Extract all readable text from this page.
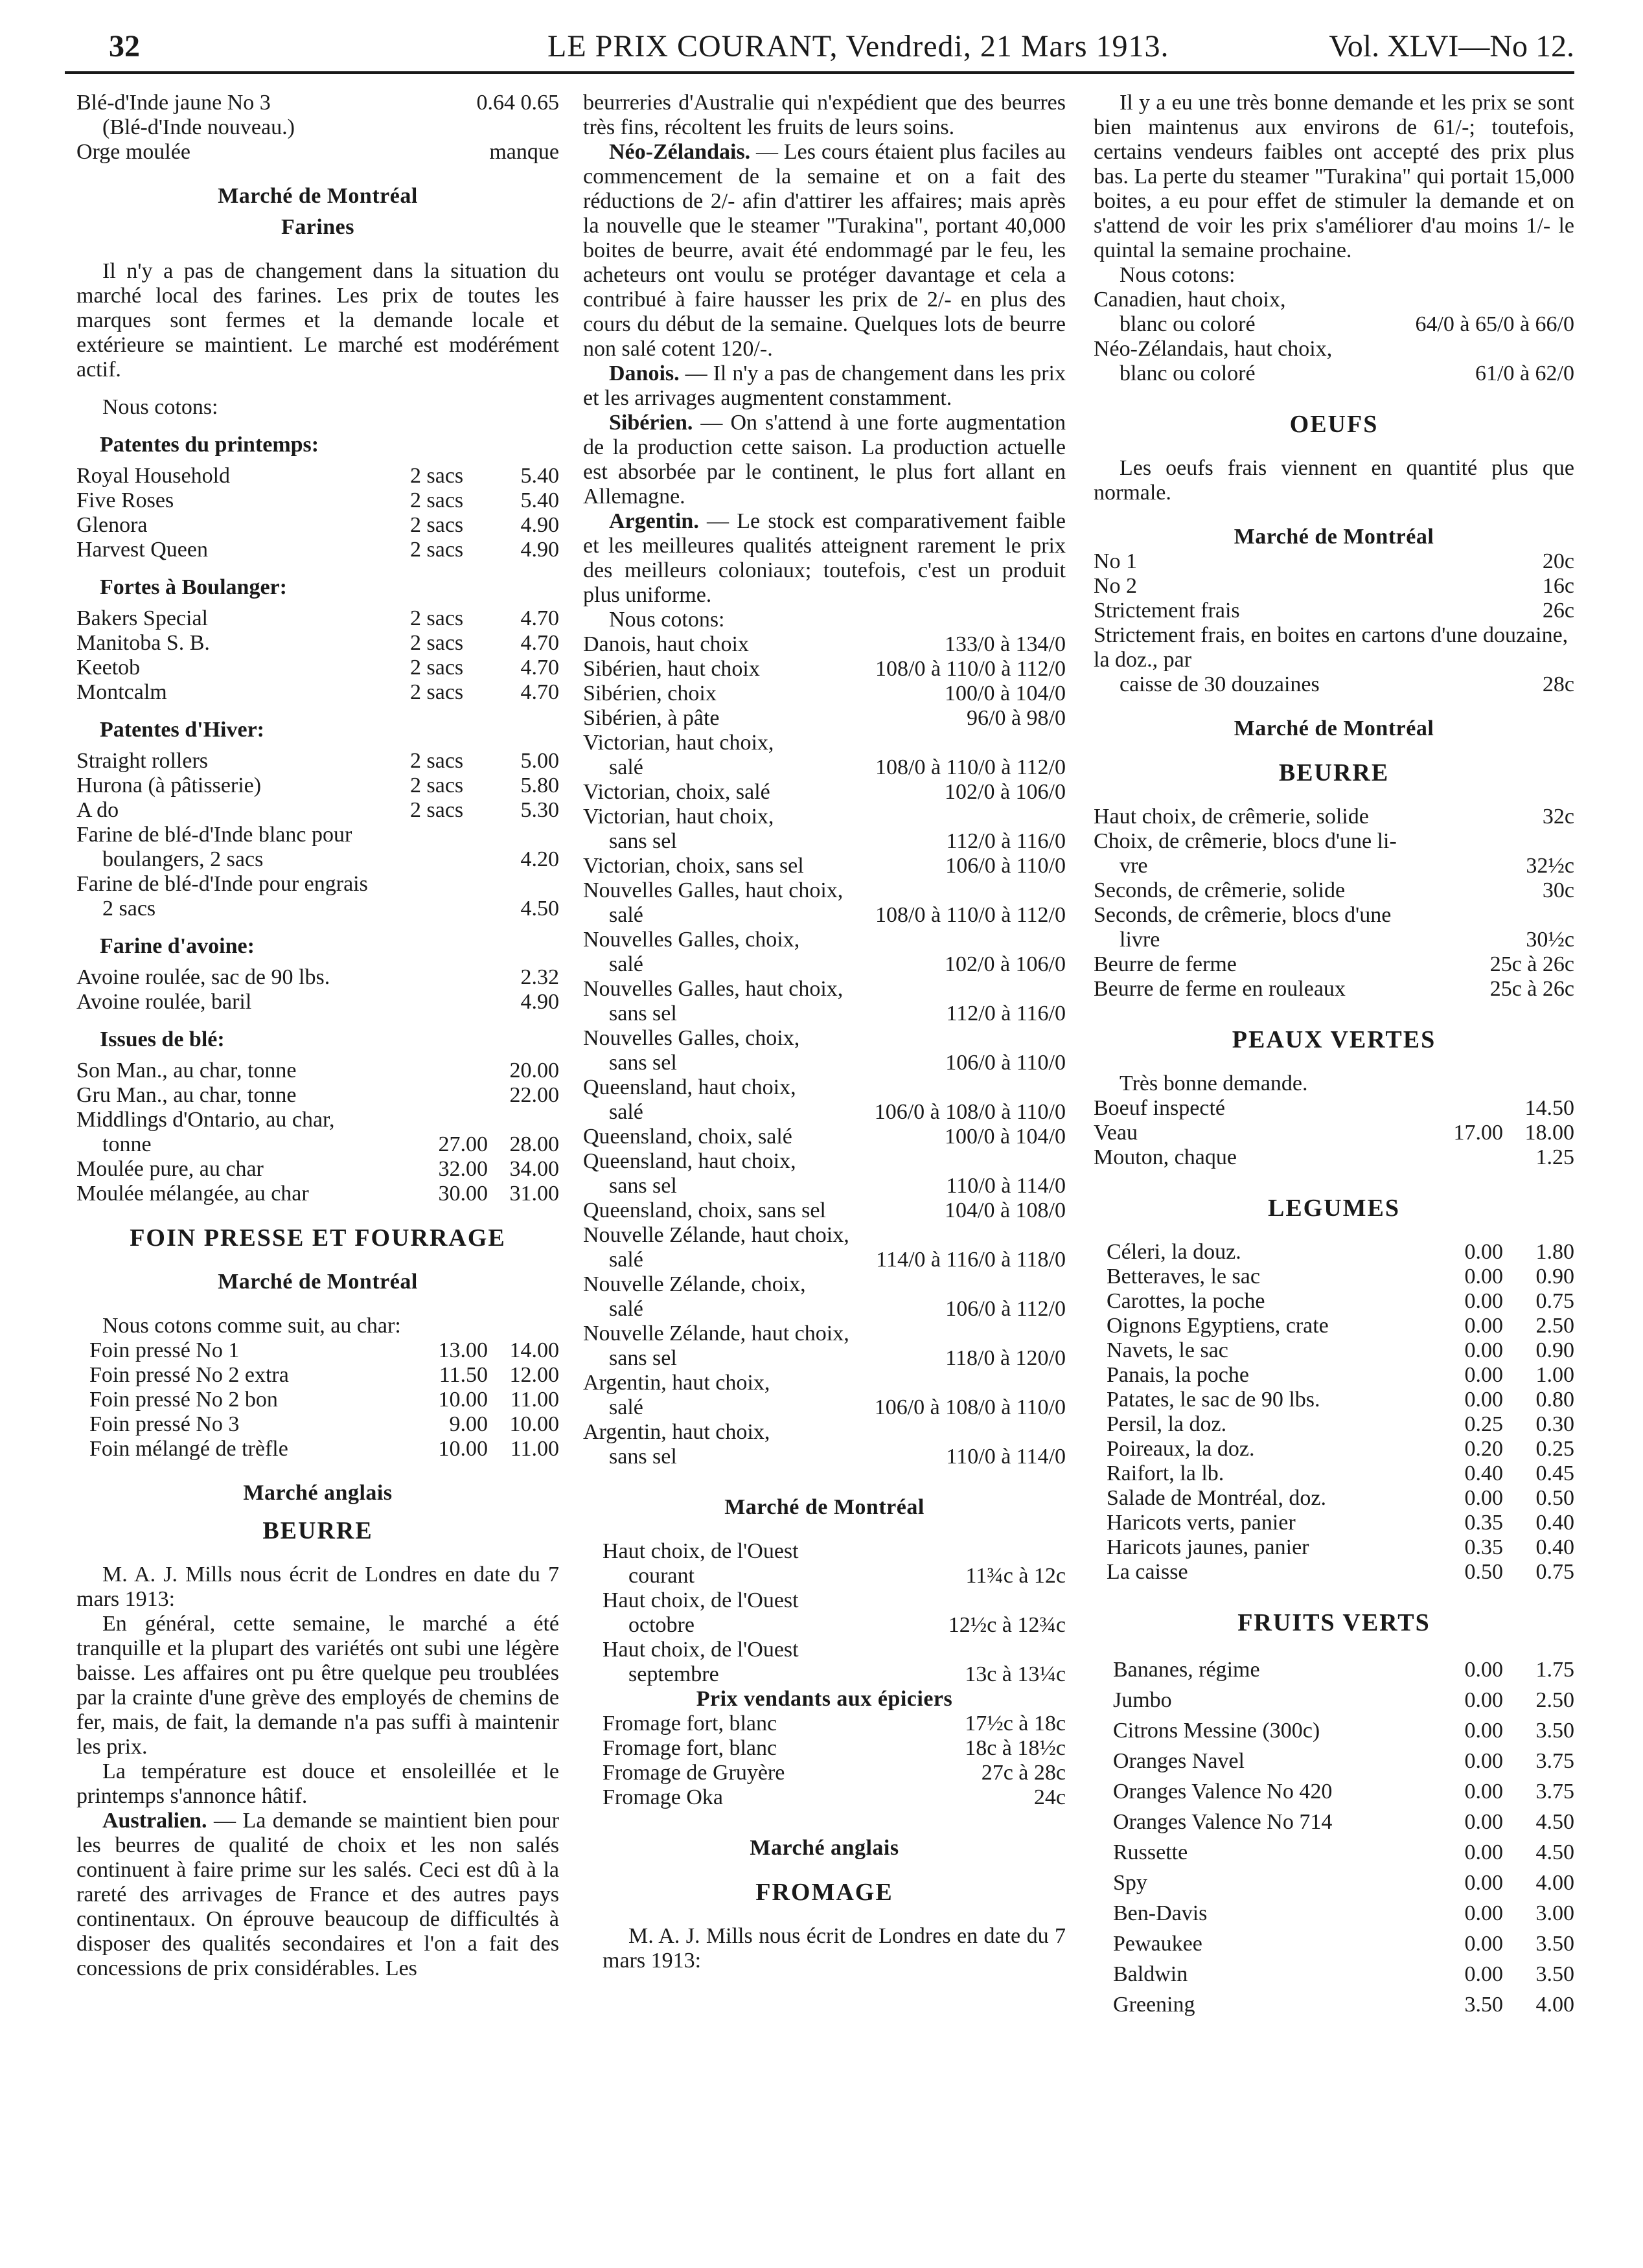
32	LE PRIX COURANT, Vendredi, 21 Mars 1913.	Vol. XLVI—No 12.
Blé-d'Inde jaune No 3	0.64 0.65
(Blé-d'Inde nouveau.)
Orge moulée	manque

Marché de Montréal

Farines

Il n'y a pas de changement dans la situation du marché local des farines. Les prix de toutes les marques sont fermes et la demande locale et extérieure se maintient. Le marché est modérément actif.

Nous cotons:

Patentes du printemps:

Royal Household	2 sacs	5.40
Five Roses	2 sacs	5.40
Glenora	2 sacs	4.90
Harvest Queen	2 sacs	4.90

Fortes à Boulanger:

Bakers Special	2 sacs	4.70
Manitoba S. B.	2 sacs	4.70
Keetob	2 sacs	4.70
Montcalm	2 sacs	4.70

Patentes d'Hiver:

Straight rollers	2 sacs	5.00
Hurona (à pâtisserie)	2 sacs	5.80
A do	2 sacs	5.30
Farine de blé-d'Inde blanc pour
boulangers, 2 sacs	4.20
Farine de blé-d'Inde pour engrais
2 sacs	4.50

Farine d'avoine:

Avoine roulée, sac de 90 lbs.	2.32
Avoine roulée, baril	4.90

Issues de blé:

Son Man., au char, tonne	20.00
Gru Man., au char, tonne	22.00
Middlings d'Ontario, au char,
tonne	27.00 28.00
Moulée pure, au char	32.00 34.00
Moulée mélangée, au char	30.00 31.00

FOIN PRESSE ET FOURRAGE

Marché de Montréal

Nous cotons comme suit, au char:

Foin pressé No 1	13.00 14.00
Foin pressé No 2 extra	11.50 12.00
Foin pressé No 2 bon	10.00	11.00
Foin pressé No 3	9.00 10.00
Foin mélangé de trèfle	10.00	11.00

Marché anglais

BEURRE

M. A. J. Mills nous écrit de Londres en date du 7 mars 1913:

En général, cette semaine, le marché a été tranquille et la plupart des variétés ont subi une légère baisse. Les affaires ont pu être quelque peu troublées par la crainte d'une grève des employés de chemins de fer, mais, de fait, la demande n'a pas suffi à maintenir les prix.

La température est douce et ensoleillée et le printemps s'annonce hâtif.

Australien. — La demande se maintient bien pour les beurres de qualité de choix et les non salés continuent à faire prime sur les salés. Ceci est dû à la rareté des arrivages de France et des autres pays continentaux. On éprouve beaucoup de difficultés à disposer des qualités secondaires et l'on a fait des concessions de prix considérables. Les

beurreries d'Australie qui n'expédient que des beurres très fins, récoltent les fruits de leurs soins.

Néo-Zélandais. — Les cours étaient plus faciles au commencement de la semaine et on a fait des réductions de 2/- afin d'attirer les affaires; mais après la nouvelle que le steamer "Turakina", portant 40,000 boites de beurre, avait été endommagé par le feu, les acheteurs ont voulu se protéger davantage et cela a contribué à faire hausser les prix de 2/- en plus des cours du début de la semaine. Quelques lots de beurre non salé cotent 120/-.

Danois. — Il n'y a pas de changement dans les prix et les arrivages augmentent constamment.

Sibérien. — On s'attend à une forte augmentation de la production cette saison. La production actuelle est absorbée par le continent, le plus fort allant en Allemagne.

Argentin. — Le stock est comparativement faible et les meilleures qualités atteignent rarement le prix des meilleurs coloniaux; toutefois, c'est un produit plus uniforme.

Nous cotons:

Danois, haut choix	133/0 à 134/0
Sibérien, haut choix	108/0 à 110/0 à 112/0
Sibérien, choix	100/0 à 104/0
Sibérien, à pâte	96/0 à 98/0
Victorian, haut choix,
salé	108/0 à 110/0 à 112/0
Victorian, choix, salé	102/0 à 106/0
Victorian, haut choix,
sans sel	112/0 à 116/0
Victorian, choix, sans sel	106/0 à 110/0
Nouvelles Galles, haut choix,
salé	108/0 à 110/0 à 112/0
Nouvelles Galles, choix,
salé	102/0 à 106/0
Nouvelles Galles, haut choix,
sans sel	112/0 à 116/0
Nouvelles Galles, choix,
sans sel	106/0 à 110/0
Queensland, haut choix,
salé	106/0 à 108/0 à 110/0
Queensland, choix, salé	100/0 à 104/0
Queensland, haut choix,
sans sel	110/0 à 114/0
Queensland, choix, sans sel	104/0 à 108/0
Nouvelle Zélande, haut choix,
salé	114/0 à 116/0 à 118/0
Nouvelle Zélande, choix,
salé	106/0 à 112/0
Nouvelle Zélande, haut choix,
sans sel	118/0 à 120/0
Argentin, haut choix,
salé	106/0 à 108/0 à 110/0
Argentin, haut choix,
sans sel	110/0 à 114/0

Marché de Montréal

Haut choix, de l'Ouest
courant	11¾c à 12c
Haut choix, de l'Ouest
octobre	12½c à 12¾c
Haut choix, de l'Ouest
septembre	13c à 13¼c

Prix vendants aux épiciers

Fromage fort, blanc	17½c à 18c
Fromage fort, blanc	18c à 18½c
Fromage de Gruyère	27c à 28c
Fromage Oka	24c

Marché anglais

FROMAGE

M. A. J. Mills nous écrit de Londres en date du 7 mars 1913:

Il y a eu une très bonne demande et les prix se sont bien maintenus aux environs de 61/-; toutefois, certains vendeurs faibles ont accepté des prix plus bas. La perte du steamer "Turakina" qui portait 15,000 boites, a eu pour effet de stimuler la demande et on s'attend de voir les prix s'améliorer d'au moins 1/- le quintal la semaine prochaine.

Nous cotons:

Canadien, haut choix,
blanc ou coloré	64/0 à 65/0 à 66/0
Néo-Zélandais, haut choix,
blanc ou coloré	61/0 à 62/0

OEUFS

Les oeufs frais viennent en quantité plus que normale.

Marché de Montréal

No 1	20c
No 2	16c
Strictement frais	26c

Strictement frais, en boites en cartons d'une douzaine, la doz., par

caisse de 30 douzaines	28c

Marché de Montréal

BEURRE

Haut choix, de crêmerie, solide	32c
Choix, de crêmerie, blocs d'une li-
vre	32½c
Seconds, de crêmerie, solide	30c
Seconds, de crêmerie, blocs d'une
livre	30½c
Beurre de ferme	25c à 26c
Beurre de ferme en rouleaux	25c à 26c

PEAUX VERTES

Très bonne demande.

Boeuf inspecté	14.50
Veau	17.00 18.00
Mouton, chaque	1.25

LEGUMES

Céleri, la douz.	0.00	1.80
Betteraves, le sac	0.00	0.90
Carottes, la poche	0.00	0.75
Oignons Egyptiens, crate	0.00	2.50
Navets, le sac	0.00	0.90
Panais, la poche	0.00	1.00
Patates, le sac de 90 lbs.	0.00	0.80
Persil, la doz.	0.25	0.30
Poireaux, la doz.	0.20	0.25
Raifort, la lb.	0.40	0.45
Salade de Montréal, doz.	0.00	0.50
Haricots verts, panier	0.35	0.40
Haricots jaunes, panier	0.35	0.40
La caisse	0.50	0.75

FRUITS VERTS

Bananes, régime	0.00	1.75
Jumbo	0.00	2.50
Citrons Messine (300c)	0.00	3.50
Oranges Navel	0.00	3.75
Oranges Valence No 420	0.00	3.75
Oranges Valence No 714	0.00	4.50
Russette	0.00	4.50
Spy	0.00	4.00
Ben-Davis	0.00	3.00
Pewaukee	0.00	3.50
Baldwin	0.00	3.50
Greening	3.50	4.00
